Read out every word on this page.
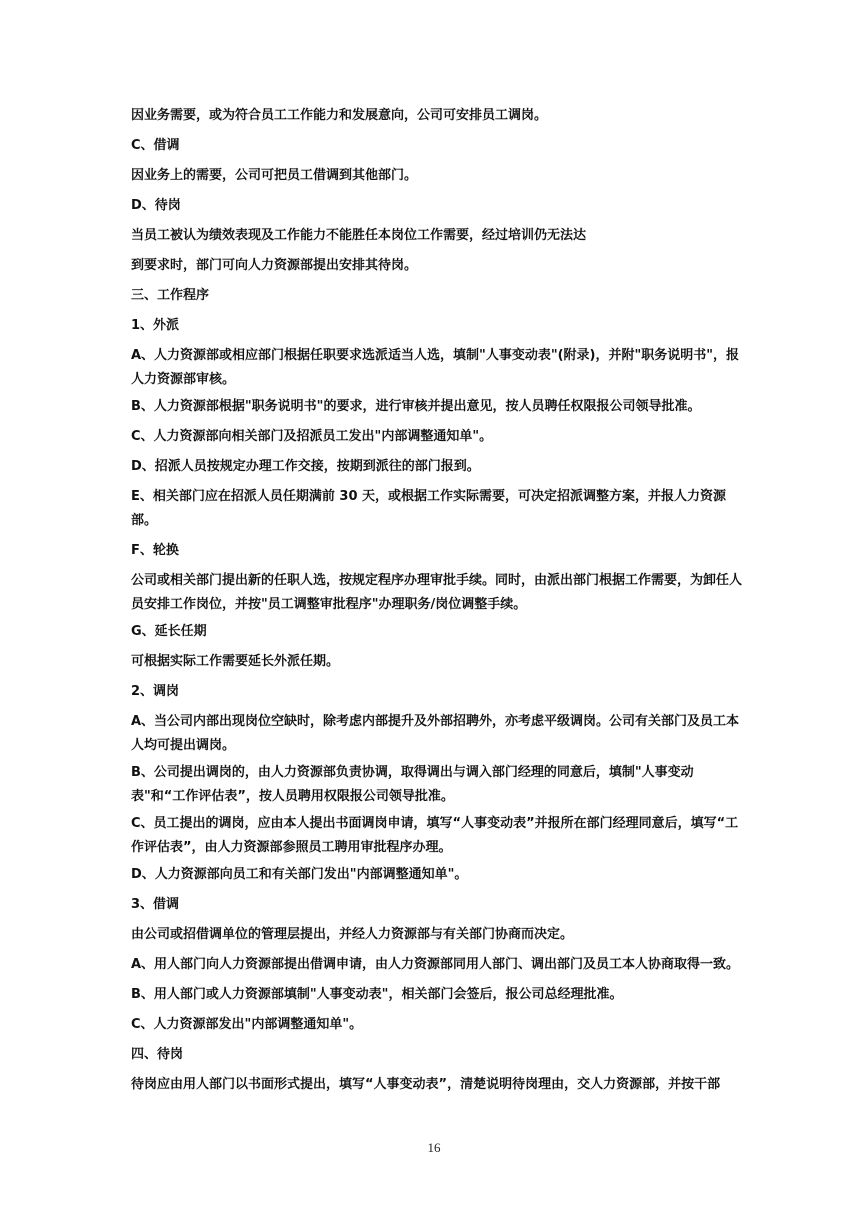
因业务需要，或为符合员工工作能力和发展意向，公司可安排员工调岗。

C、借调

因业务上的需要，公司可把员工借调到其他部门。

D、待岗

当员工被认为绩效表现及工作能力不能胜任本岗位工作需要，经过培训仍无法达

到要求时，部门可向人力资源部提出安排其待岗。

三、工作程序

1、外派

A、人力资源部或相应部门根据任职要求选派适当人选，填制"人事变动表"(附录)，并附"职务说明书"，报人力资源部审核。

B、人力资源部根据"职务说明书"的要求，进行审核并提出意见，按人员聘任权限报公司领导批准。

C、人力资源部向相关部门及招派员工发出"内部调整通知单"。

D、招派人员按规定办理工作交接，按期到派往的部门报到。

E、相关部门应在招派人员任期满前 30 天，或根据工作实际需要，可决定招派调整方案，并报人力资源部。

F、轮换

公司或相关部门提出新的任职人选，按规定程序办理审批手续。同时，由派出部门根据工作需要，为卸任人员安排工作岗位，并按"员工调整审批程序"办理职务/岗位调整手续。

G、延长任期

可根据实际工作需要延长外派任期。

2、调岗

A、当公司内部出现岗位空缺时，除考虑内部提升及外部招聘外，亦考虑平级调岗。公司有关部门及员工本人均可提出调岗。

B、公司提出调岗的，由人力资源部负责协调，取得调出与调入部门经理的同意后，填制"人事变动表"和“工作评估表”，按人员聘用权限报公司领导批准。

C、员工提出的调岗，应由本人提出书面调岗申请，填写“人事变动表”并报所在部门经理同意后，填写“工作评估表”，由人力资源部参照员工聘用审批程序办理。

D、人力资源部向员工和有关部门发出"内部调整通知单"。

3、借调

由公司或招借调单位的管理层提出，并经人力资源部与有关部门协商而决定。

A、用人部门向人力资源部提出借调申请，由人力资源部同用人部门、调出部门及员工本人协商取得一致。

B、用人部门或人力资源部填制"人事变动表"，相关部门会签后，报公司总经理批准。

C、人力资源部发出"内部调整通知单"。

四、待岗

待岗应由用人部门以书面形式提出，填写“人事变动表”，清楚说明待岗理由，交人力资源部，并按干部

16
